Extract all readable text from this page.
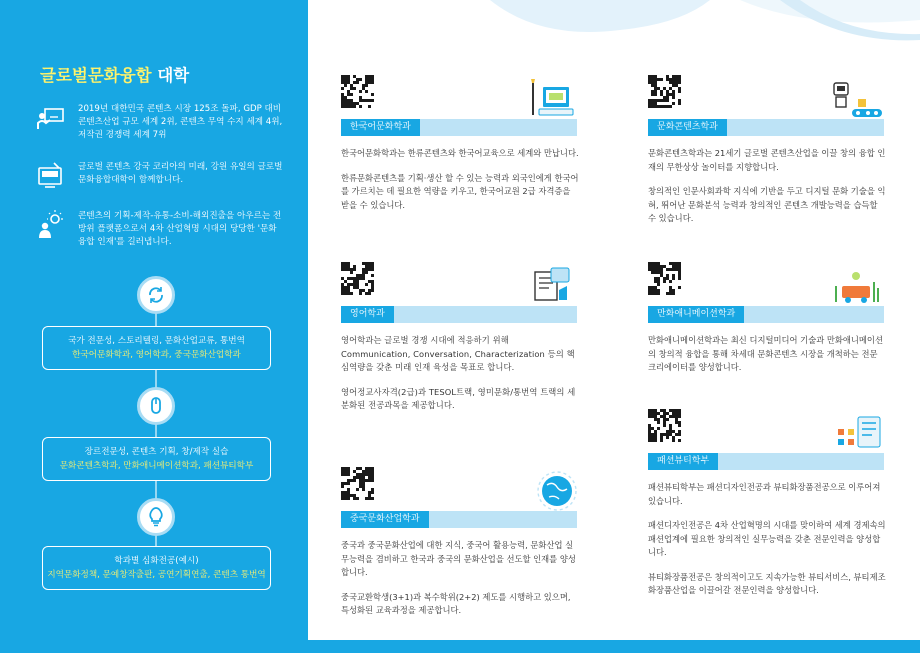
글로벌문화융합 대학
2019년 대한민국 콘텐츠 시장 125조 돌파, GDP 대비 콘텐츠산업 규모 세계 2위, 콘텐츠 무역 수지 세계 4위, 저작권 경쟁력 세계 7위
글로벌 콘텐츠 강국 코리아의 미래, 강원 유일의 글로벌문화융합대학이 함께합니다.
콘텐츠의 기획-제작-유통-소비-해외진출을 아우르는 전방위 플랫폼으로서 4차 산업혁명 시대의 당당한 '문화융합 인재'를 길러냅니다.
국가 전문성, 스토리텔링, 문화산업교류, 통번역
한국어문화학과, 영어학과, 중국문화산업학과
장르전문성, 콘텐츠 기획, 창/제작 실습
문화콘텐츠학과, 만화애니메이션학과, 패션뷰티학부
학과별 심화전공(예시)
지역문화정책, 문예창작출판, 공연기획연출, 콘텐츠 통번역
한국어문화학과

한국어문화학과는 한류콘텐츠와 한국어교육으로 세계와 만납니다.

한류문화콘텐츠를 기획·생산 할 수 있는 능력과 외국인에게 한국어를 가르치는 데 필요한 역량을 키우고, 한국어교원 2급 자격증을 받을 수 있습니다.

영어학과

영어학과는 글로벌 경쟁 시대에 적응하기 위해 Communication, Conversation, Characterization 등의 핵심역량을 갖춘 미래 인재 육성을 목표로 합니다.

영어정교사자격(2급)과 TESOL트랙, 영미문화/통번역 트랙의 세분화된 전공과목을 제공합니다.

중국문화산업학과

중국과 중국문화산업에 대한 지식, 중국어 활용능력, 문화산업 실무능력을 겸비하고 한국과 중국의 문화산업을 선도할 인재를 양성합니다.

중국교환학생(3+1)과 복수학위(2+2) 제도를 시행하고 있으며, 특성화된 교육과정을 제공합니다.

문화콘텐츠학과

문화콘텐츠학과는 21세기 글로벌 콘텐츠산업을 이끌 창의 융합 인재의 무한상상 놀이터를 지향합니다.

창의적인 인문사회과학 지식에 기반을 두고 디지털 문화 기술을 익혀, 뛰어난 문화분석 능력과 창의적인 콘텐츠 개발능력을 습득할 수 있습니다.

만화애니메이션학과

만화애니메이션학과는 최신 디지털미디어 기술과 만화애니메이션의 창의적 융합을 통해 차세대 문화콘텐츠 시장을 개척하는 전문 크리에이터를 양성합니다.

패션뷰티학부

패션뷰티학부는 패션디자인전공과 뷰티화장품전공으로 이루어져 있습니다.

패션디자인전공은 4차 산업혁명의 시대를 맞이하여 세계 경제속의 패션업계에 필요한 창의적인 실무능력을 갖춘 전문인력을 양성합니다.

뷰티화장품전공은 창의적이고도 지속가능한 뷰티서비스, 뷰티제조 화장품산업을 이끌어갈 전문인력을 양성합니다.
